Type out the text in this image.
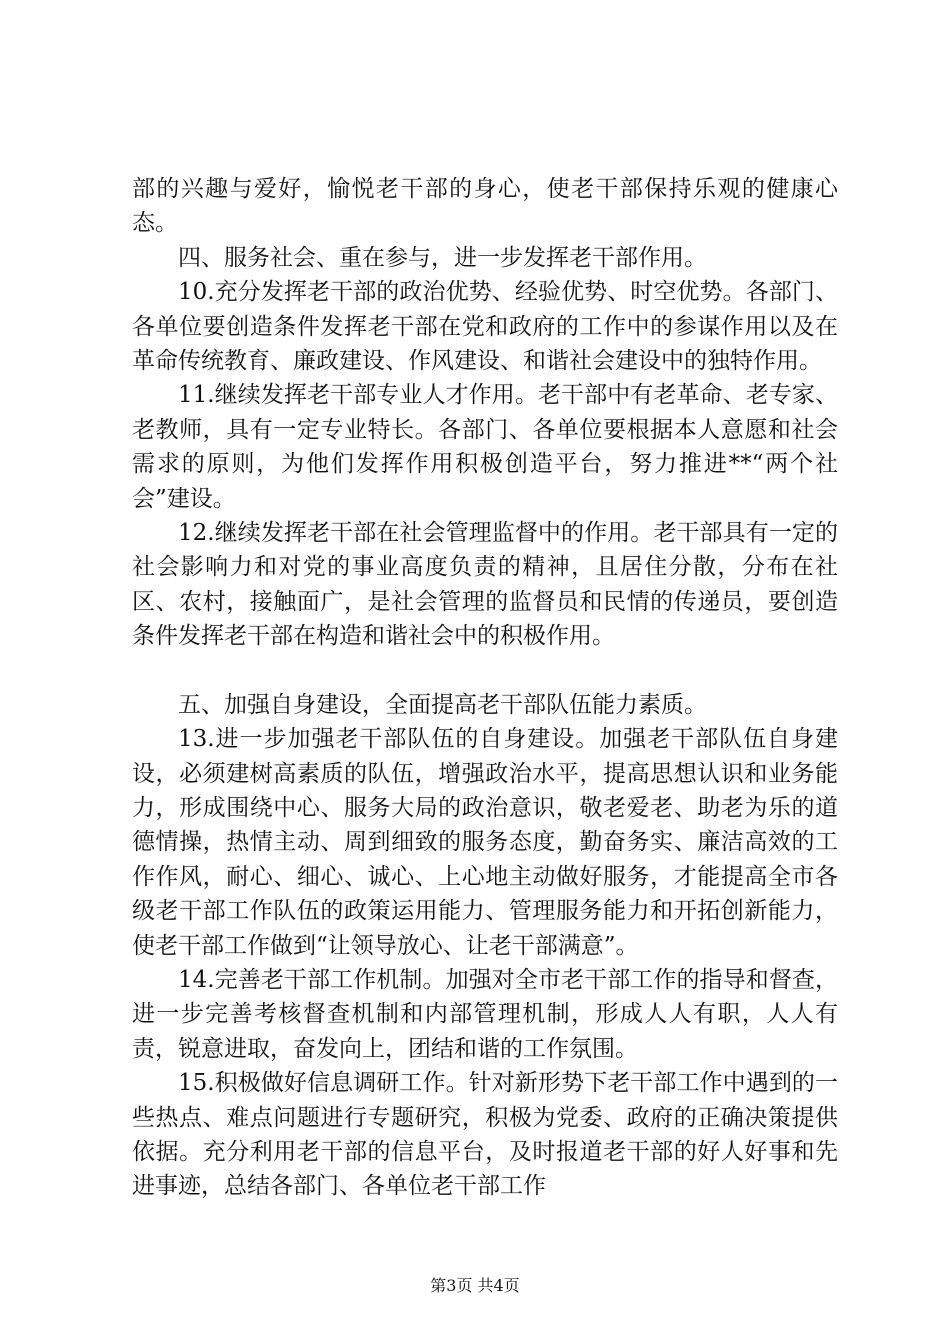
部的兴趣与爱好，愉悦老干部的身心，使老干部保持乐观的健康心态。

四、服务社会、重在参与，进一步发挥老干部作用。

10.充分发挥老干部的政治优势、经验优势、时空优势。各部门、各单位要创造条件发挥老干部在党和政府的工作中的参谋作用以及在革命传统教育、廉政建设、作风建设、和谐社会建设中的独特作用。

11.继续发挥老干部专业人才作用。老干部中有老革命、老专家、老教师，具有一定专业特长。各部门、各单位要根据本人意愿和社会需求的原则，为他们发挥作用积极创造平台，努力推进**“两个社会”建设。

12.继续发挥老干部在社会管理监督中的作用。老干部具有一定的社会影响力和对党的事业高度负责的精神，且居住分散，分布在社区、农村，接触面广，是社会管理的监督员和民情的传递员，要创造条件发挥老干部在构造和谐社会中的积极作用。

五、加强自身建设，全面提高老干部队伍能力素质。

13.进一步加强老干部队伍的自身建设。加强老干部队伍自身建设，必须建树高素质的队伍，增强政治水平，提高思想认识和业务能力，形成围绕中心、服务大局的政治意识，敬老爱老、助老为乐的道德情操，热情主动、周到细致的服务态度，勤奋务实、廉洁高效的工作作风，耐心、细心、诚心、上心地主动做好服务，才能提高全市各级老干部工作队伍的政策运用能力、管理服务能力和开拓创新能力，使老干部工作做到“让领导放心、让老干部满意”。

14.完善老干部工作机制。加强对全市老干部工作的指导和督查，进一步完善考核督查机制和内部管理机制，形成人人有职，人人有责，锐意进取，奋发向上，团结和谐的工作氛围。

15.积极做好信息调研工作。针对新形势下老干部工作中遇到的一些热点、难点问题进行专题研究，积极为党委、政府的正确决策提供依据。充分利用老干部的信息平台，及时报道老干部的好人好事和先进事迹，总结各部门、各单位老干部工作

第3页 共4页
